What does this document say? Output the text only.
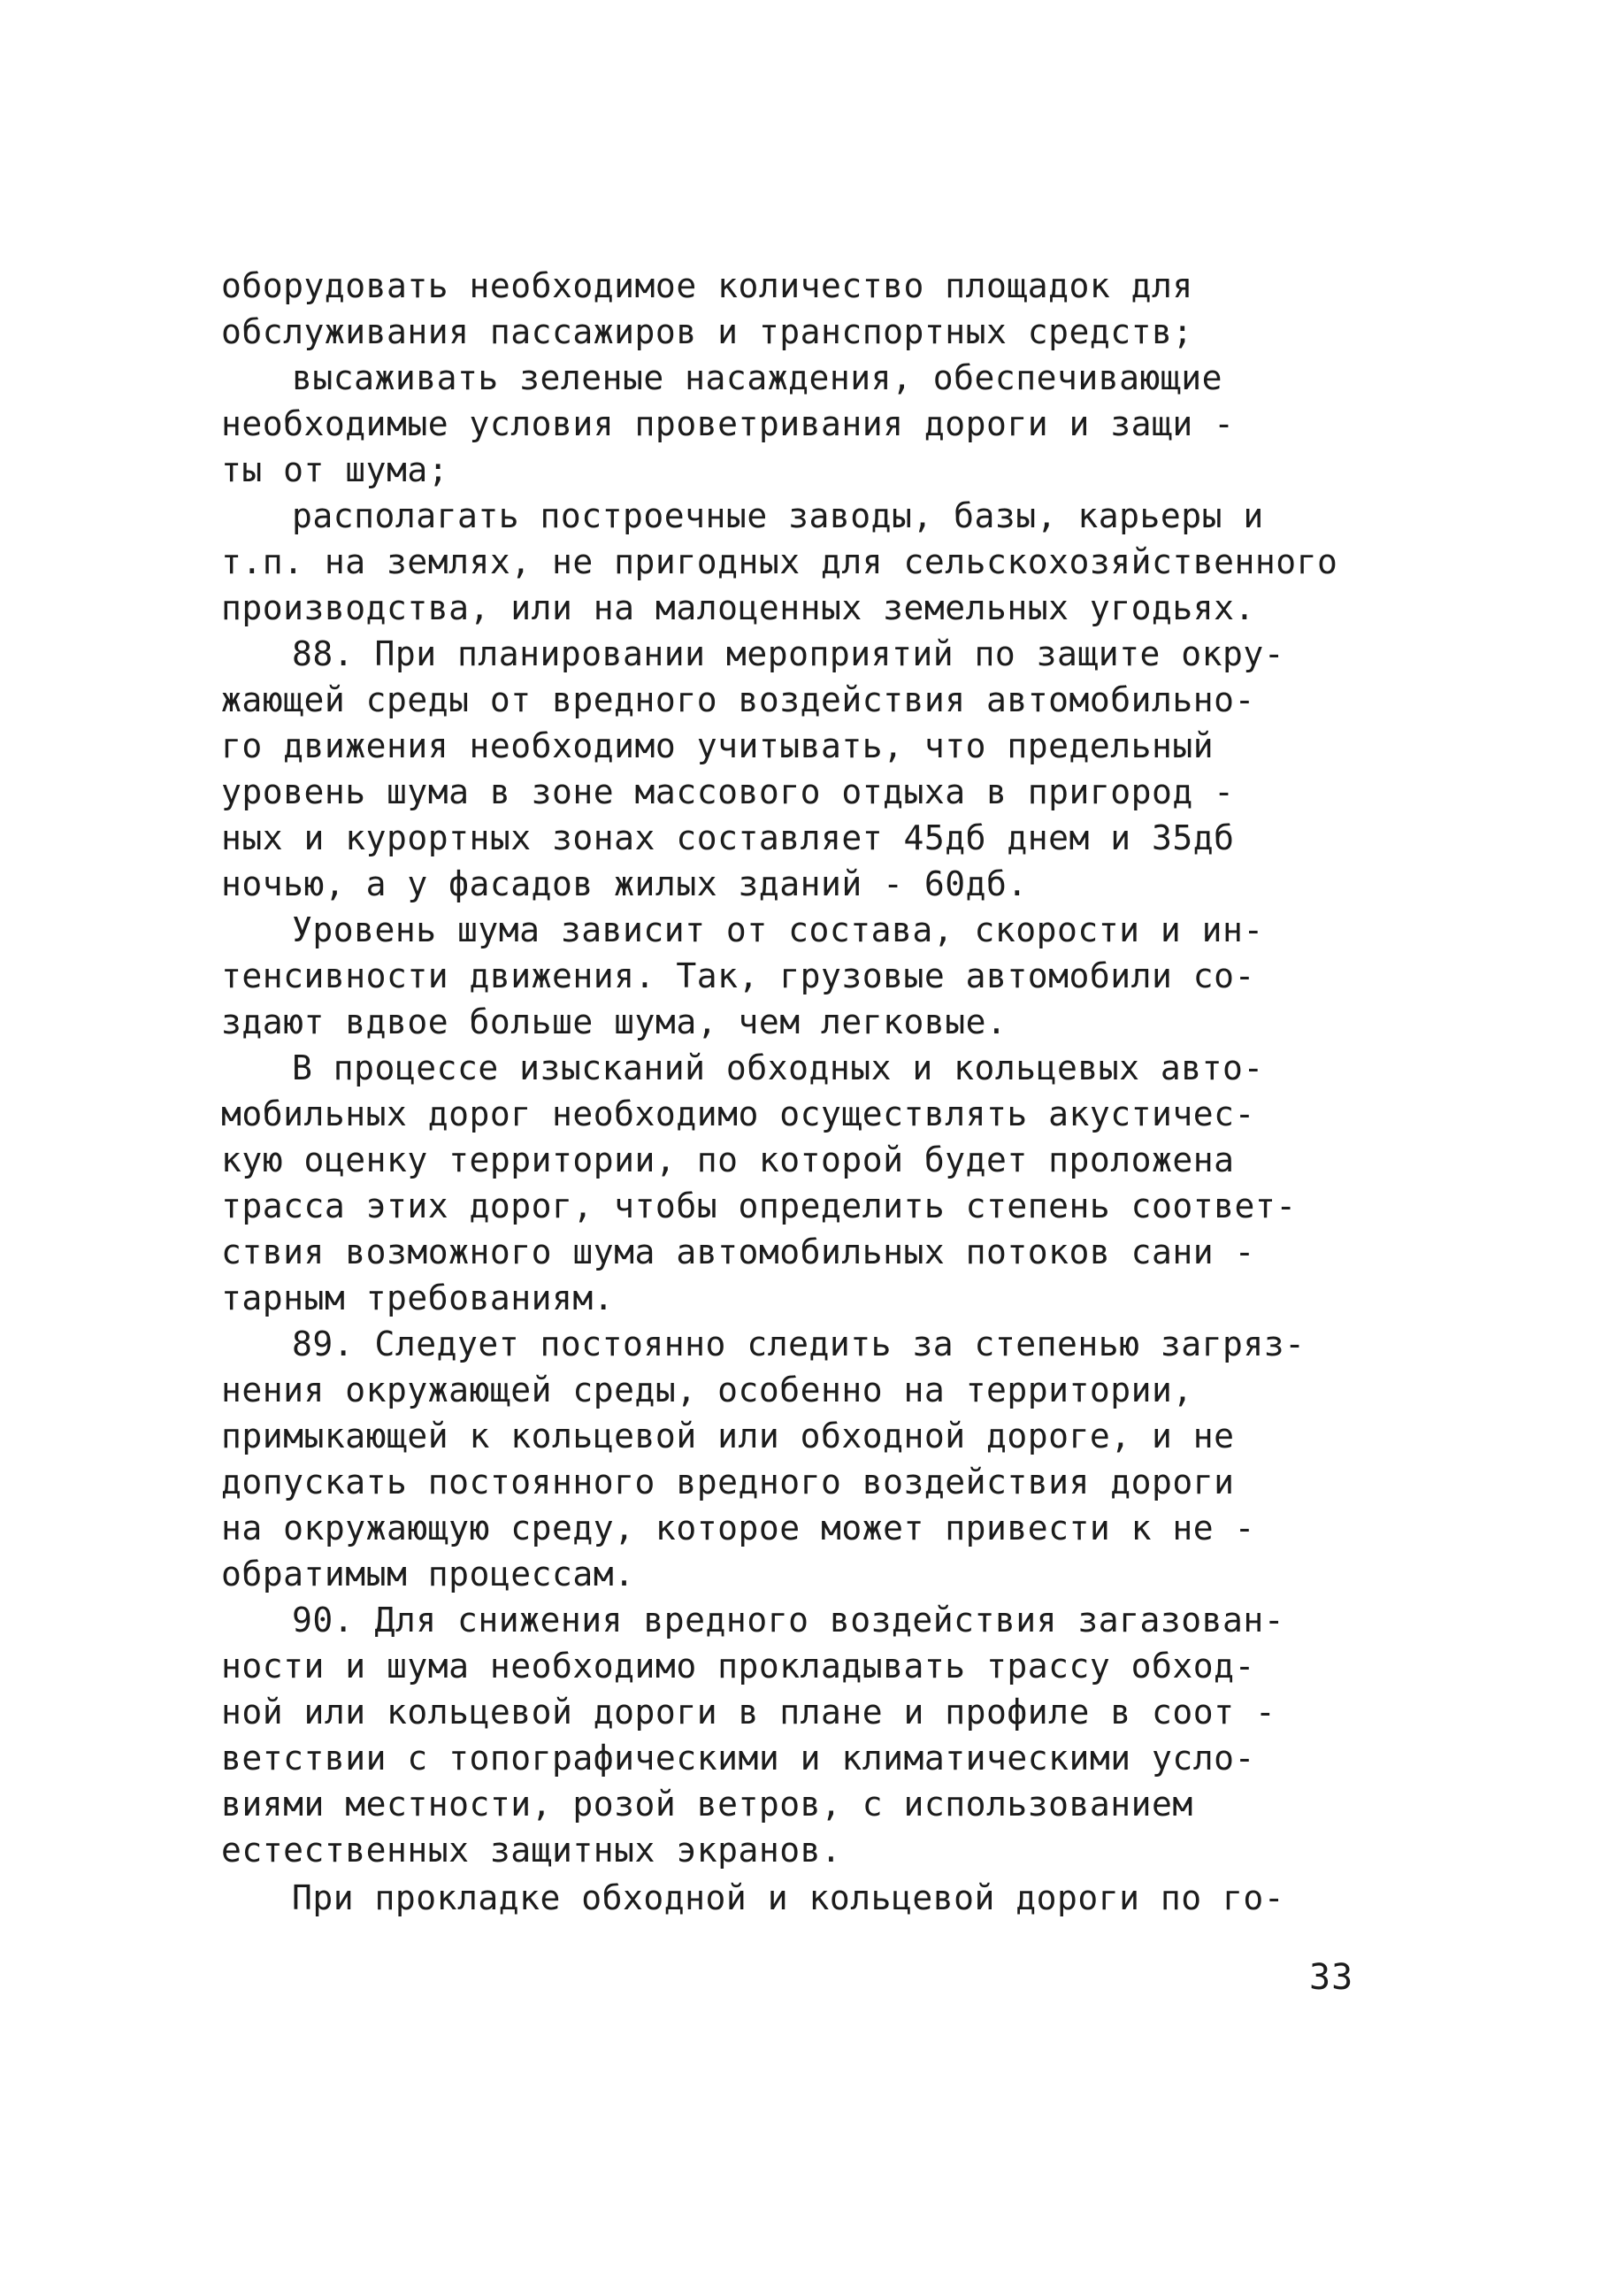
оборудовать необходимое количество площадок для
обслуживания пассажиров и транспортных средств;
высаживать зеленые насаждения, обеспечивающие
необходимые условия проветривания дороги и защи -
ты от шума;
располагать построечные заводы, базы, карьеры и
т.п. на землях, не пригодных для сельскохозяйственного
производства, или на малоценных земельных угодьях.
88. При планировании мероприятий по защите окру-
жающей среды от вредного воздействия автомобильно-
го движения необходимо учитывать, что предельный
уровень шума в зоне массового отдыха в пригород -
ных и курортных зонах составляет 45дб днем и 35дб
ночью, а у фасадов жилых зданий - 60дб.
Уровень шума зависит от состава, скорости и ин-
тенсивности движения. Так, грузовые автомобили со-
здают вдвое больше шума, чем легковые.
В процессе изысканий обходных и кольцевых авто-
мобильных дорог необходимо осуществлять акустичес-
кую оценку территории, по которой будет проложена
трасса этих дорог, чтобы определить степень соответ-
ствия возможного шума автомобильных потоков сани -
тарным требованиям.
89. Следует постоянно следить за степенью загряз-
нения окружающей среды, особенно на территории,
примыкающей к кольцевой или обходной дороге, и не
допускать постоянного вредного воздействия дороги
на окружающую среду, которое может привести к не -
обратимым процессам.
90. Для снижения вредного воздействия загазован-
ности и шума необходимо прокладывать трассу обход-
ной или кольцевой дороги в плане и профиле в соот -
ветствии с топографическими и климатическими усло-
виями местности, розой ветров, с использованием
естественных защитных экранов.
При прокладке обходной и кольцевой дороги по го-
33
